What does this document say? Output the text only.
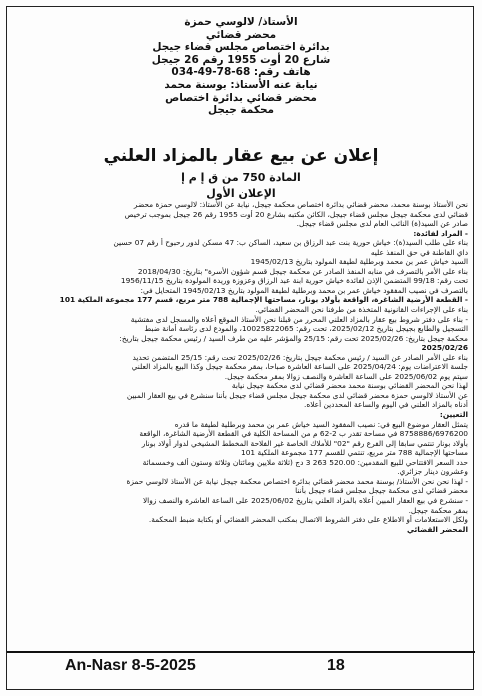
الأستاذ/ لالوسي حمزة
محضر قضائي
بدائرة اختصاص مجلس قضاء جيجل
شارع 20 أوت 1955 رقم 26 جيجل
هاتف رقم: 68-78-49-034
نيابة عنه الأستاذ: بوسنة محمد
محضر قضائي بدائرة اختصاص
محكمة جيجل
إعلان عن بيع عقار بالمزاد العلني
المادة 750 من ق إ م إ
الإعلان الأول
نحن الأستاذ بوسنة محمد، محضر قضائي بدائرة اختصاص محكمة جيجل، نيابة عن الأستاذ: لالوسي حمزة محضر
قضائي لدى محكمة جيجل مجلس قضاء جيجل، الكائن مكتبه بشارع 20 أوت 1955 رقم 26 جيجل بموجب ترخيص
صادر عن السيد(ة) النائب العام لدى مجلس قضاء جيجل.
- المراد لفائدة:
بناء على طلب السيد(ة): خياش حورية بنت عبد الرزاق بن سعيد، الساكن ب: 47 مسكن لدور رحبوح أ رقم 07 حسين
داي القاطنة في حق المنفذ عليه
السيد خياش عمر بن محمد وبرطلية لطيفة المولود بتاريخ 1945/02/13
بناء على الأمر بالتصرف في منابه المنفذ الصادر عن محكمة جيجل قسم شؤون الأسرة" بتاريخ: 2018/04/30
تحت رقم: 99/18 المتضمن الإذن لفائدة خياش حورية ابنة عبد الرزاق وعزوزة وريدة المولودة بتاريخ 1956/11/15
بالتصرف في نصيب المفقود خياش عمر بن محمد وبرطلية لطيفة المولود بتاريخ 1945/02/13 المتحايل في:
- القطعة الأرضية الشاغرة، الواقعة بأولاد بونار، مساحتها الإجمالية 788 متر مربع، قسم 177 مجموعة الملكية 101
بناء على الإجراءات القانونية المتخذة من طرفنا نحن المحضر القضائي.
- بناء على دفتر شروط بيع عقار بالمزاد العلني المحرر من قبلنا نحن الأستاذ الموقع أعلاه والمسجل لدى مفتشية
التسجيل والطابع بجيجل بتاريخ 2025/02/12، تحت رقم: 10025822065، والمودع لدى رئاسة أمانة ضبط
محكمة جيجل بتاريخ: 2025/02/26 تحت رقم: 25/15 والمؤشر عليه من طرف السيد / رئيس محكمة جيجل بتاريخ:
2025/02/26
بناء على الأمر الصادر عن السيد / رئيس محكمة جيجل بتاريخ: 2025/02/26 تحت رقم: 25/15 المتضمن تحديد
جلسة الاعتراضات يوم: 2025/04/24 على الساعة العاشرة صباحا، بمقر محكمة جيجل وكذا البيع بالمزاد العلني
سيتم يوم 2025/06/02 على الساعة العاشرة والنصف زوالا بمقر محكمة جيجل.
لهذا نحن المحضر القضائي بوسنة محمد محضر قضائي لدى محكمة جيجل نيابة
عن الأستاذ لالوسي حمزة محضر قضائي لدى محكمة جيجل مجلس قضاء جيجل بأننا سنشرع في بيع العقار المبين
أدناه بالمزاد العلني في اليوم والساعة المحددين أعلاه.
التعيين:
يتمثل العقار موضوع البيع في: نصيب المفقود السيد خياش عمر بن محمد وبرطلية لطيفة ما قدره
8758886/6976200 في مساحة تقدر ب 2-62 م من المساحة الكلية في القطعة الأرضية الشاغرة، الواقعة
بأولاد بونار تنتمي سابقا إلى الفرع رقم "02" للأملاك الخاصة غير الفلاحة المخطط المشيخي لدوار أولاد بونار
مساحتها الإجمالية 788 متر مربع، تنتمي للقسم 177 مجموعة الملكية 101
حدد السعر الافتتاحي للبيع المقدمين: 520.00 263 3 دج (ثلاثة ملايين ومائتان وثلاثة وستون ألف وخمسمائة
وعشرون دينار جزائري.
- لهذا نحن نحن الأستاذ/ بوسنة محمد محضر قضائي بدائرة اختصاص محكمة جيجل نيابة عن الأستاذ لالوسي حمزة
محضر قضائي لدى محكمة جيجل مجلس قضاء جيجل بأننا
- سنشرع في بيع العقار المبين أعلاه بالمزاد العلني بتاريخ 2025/06/02 على الساعة العاشرة والنصف زوالا
بمقر محكمة جيجل.
ولكل الاستعلامات أو الاطلاع على دفتر الشروط الاتصال بمكتب المحضر القضائي أو بكتابة ضبط المحكمة.
المحضر القضائي
An-Nasr 8-5-2025	18
